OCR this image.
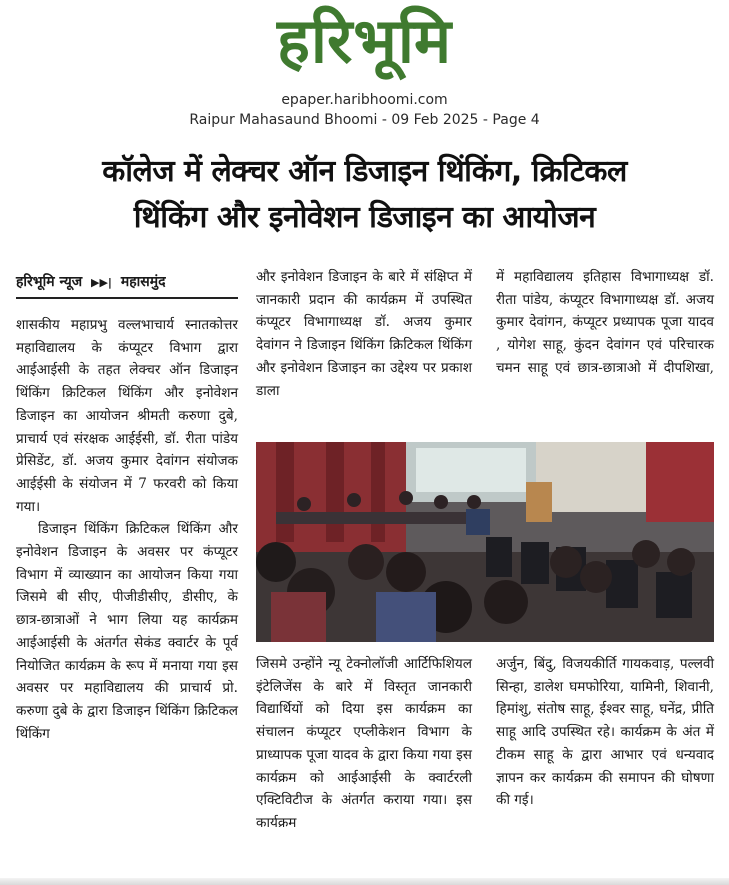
हरिभूमि
epaper.haribhoomi.com
Raipur Mahasaund Bhoomi - 09 Feb 2025 - Page 4
कॉलेज में लेक्चर ऑन डिजाइन थिंकिंग, क्रिटिकल
थिंकिंग और इनोवेशन डिजाइन का आयोजन
हरिभूमि न्यूज ▶▶| महासमुंद

शासकीय महाप्रभु वल्लभाचार्य स्नातकोत्तर महाविद्यालय के कंप्यूटर विभाग द्वारा आईआईसी के तहत लेक्चर ऑन डिजाइन थिंकिंग क्रिटिकल थिंकिंग और इनोवेशन डिजाइन का आयोजन श्रीमती करुणा दुबे, प्राचार्य एवं संरक्षक आईईसी, डॉ. रीता पांडेय प्रेसिडेंट, डॉ. अजय कुमार देवांगन संयोजक आईईसी के संयोजन में 7 फरवरी को किया गया।

डिजाइन थिंकिंग क्रिटिकल थिंकिंग और इनोवेशन डिजाइन के अवसर पर कंप्यूटर विभाग में व्याख्यान का आयोजन किया गया जिसमे बी सीए, पीजीडीसीए, डीसीए, के छात्र-छात्राओं ने भाग लिया यह कार्यक्रम आईआईसी के अंतर्गत सेकंड क्वार्टर के पूर्व नियोजित कार्यक्रम के रूप में मनाया गया इस अवसर पर महाविद्यालय की प्राचार्य प्रो. करुणा दुबे के द्वारा डिजाइन थिंकिंग क्रिटिकल थिंकिंग

और इनोवेशन डिजाइन के बारे में संक्षिप्त में जानकारी प्रदान की कार्यक्रम में उपस्थित कंप्यूटर विभागाध्यक्ष डॉ. अजय कुमार देवांगन ने डिजाइन थिंकिंग क्रिटिकल थिंकिंग और इनोवेशन डिजाइन का उद्देश्य पर प्रकाश डाला

में महाविद्यालय इतिहास विभागाध्यक्ष डॉ. रीता पांडेय, कंप्यूटर विभागाध्यक्ष डॉ. अजय कुमार देवांगन, कंप्यूटर प्रध्यापक पूजा यादव , योगेश साहू, कुंदन देवांगन एवं परिचारक चमन साहू एवं छात्र-छात्राओ में दीपशिखा,

जिसमे उन्होंने न्यू टेक्नोलॉजी आर्टिफिशियल इंटेलिजेंस के बारे में विस्तृत जानकारी विद्यार्थियों को दिया इस कार्यक्रम का संचालन कंप्यूटर एप्लीकेशन विभाग के प्राध्यापक पूजा यादव के द्वारा किया गया इस कार्यक्रम को आईआईसी के क्वार्टरली एक्टिविटीज के अंतर्गत कराया गया। इस कार्यक्रम

अर्जुन, बिंदु, विजयकीर्ति गायकवाड़, पल्लवी सिन्हा, डालेश घमफोरिया, यामिनी, शिवानी, हिमांशु, संतोष साहू, ईश्वर साहू, घनेंद्र, प्रीति साहू आदि उपस्थित रहे। कार्यक्रम के अंत में टीकम साहू के द्वारा आभार एवं धन्यवाद ज्ञापन कर कार्यक्रम की समापन की घोषणा की गई।
